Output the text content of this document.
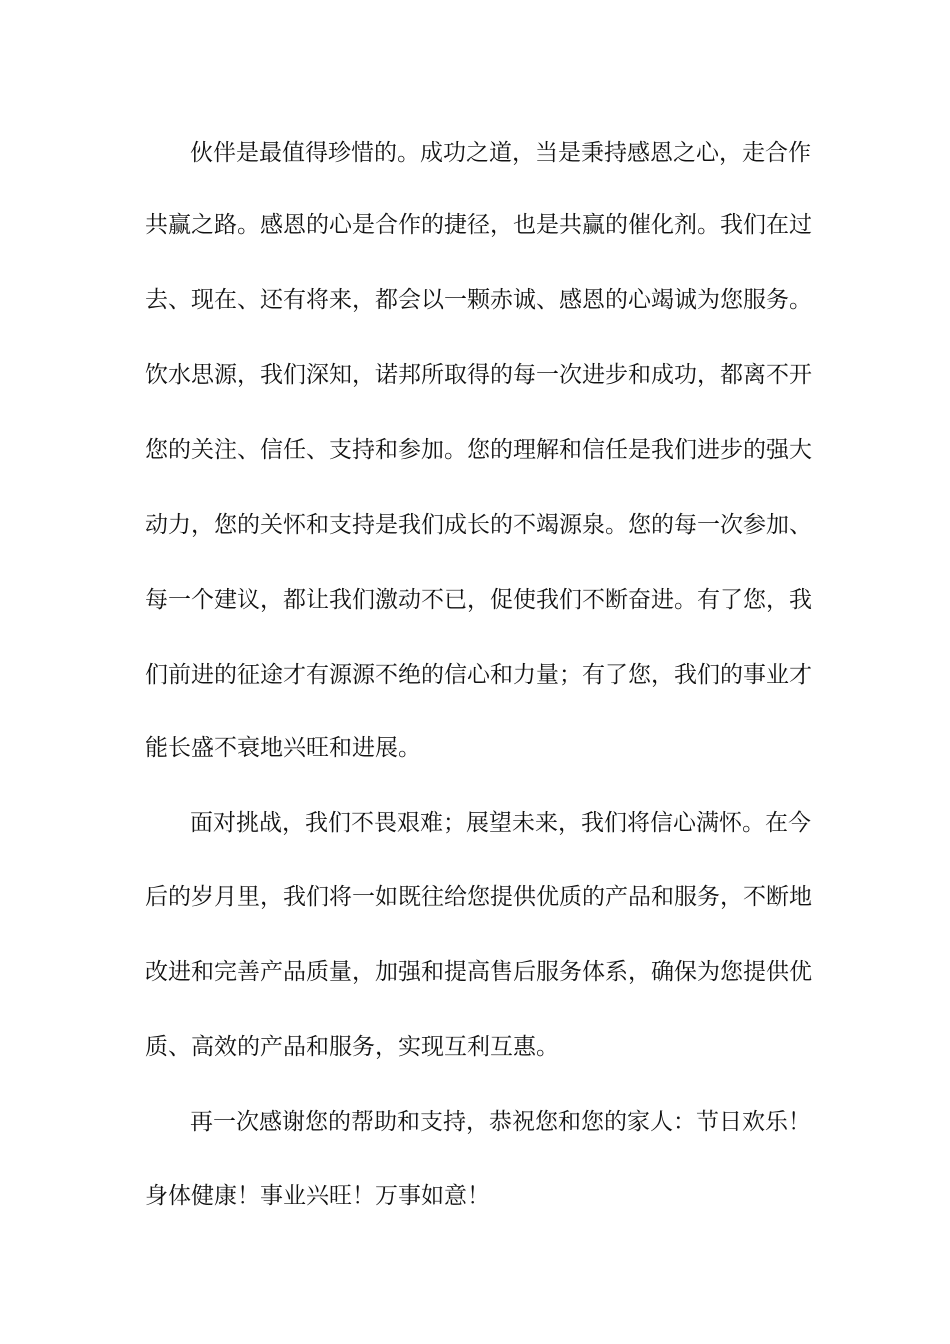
伙伴是最值得珍惜的。成功之道，当是秉持感恩之心，走合作
共赢之路。感恩的心是合作的捷径，也是共赢的催化剂。我们在过
去、现在、还有将来，都会以一颗赤诚、感恩的心竭诚为您服务。
饮水思源，我们深知，诺邦所取得的每一次进步和成功，都离不开
您的关注、信任、支持和参加。您的理解和信任是我们进步的强大
动力，您的关怀和支持是我们成长的不竭源泉。您的每一次参加、
每一个建议，都让我们激动不已，促使我们不断奋进。有了您，我
们前进的征途才有源源不绝的信心和力量；有了您，我们的事业才
能长盛不衰地兴旺和进展。
面对挑战，我们不畏艰难；展望未来，我们将信心满怀。在今
后的岁月里，我们将一如既往给您提供优质的产品和服务，不断地
改进和完善产品质量，加强和提高售后服务体系，确保为您提供优
质、高效的产品和服务，实现互利互惠。
再一次感谢您的帮助和支持，恭祝您和您的家人：节日欢乐！
身体健康！事业兴旺！万事如意！
